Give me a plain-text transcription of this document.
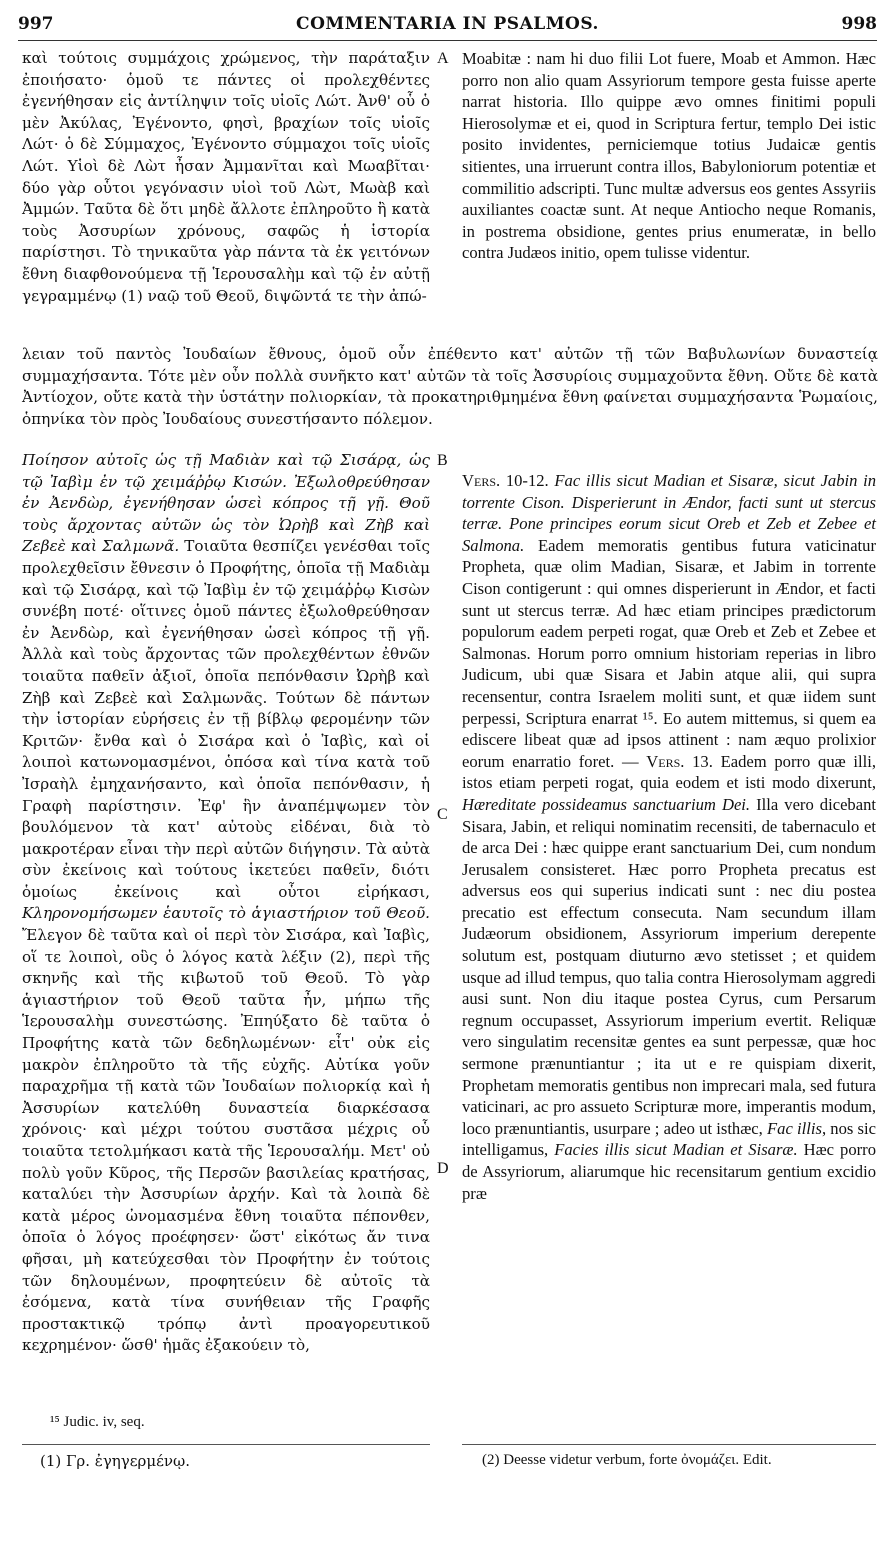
997	COMMENTARIA IN PSALMOS.	998

καὶ τούτοις συμμάχοις χρώμενος, τὴν παράταξιν ἐποιήσατο· ὁμοῦ τε πάντες οἱ προλεχθέντες ἐγενήθησαν εἰς ἀντίληψιν τοῖς υἱοῖς Λώτ. Ἀνθ' οὗ ὁ μὲν Ἀκύλας, Ἐγένοντο, φησὶ, βραχίων τοῖς υἱοῖς Λώτ· ὁ δὲ Σύμμαχος, Ἐγένοντο σύμμαχοι τοῖς υἱοῖς Λώτ. Υἱοὶ δὲ Λὼτ ἦσαν Ἀμμανῖται καὶ Μωαβῖται· δύο γὰρ οὗτοι γεγόνασιν υἱοὶ τοῦ Λὼτ, Μωὰβ καὶ Ἀμμών. Ταῦτα δὲ ὅτι μηδὲ ἄλλοτε ἐπληροῦτο ἢ κατὰ τοὺς Ἀσσυρίων χρόνους, σαφῶς ἡ ἱστορία παρίστησι. Τὸ τηνικαῦτα γὰρ πάντα τὰ ἐκ γειτόνων ἔθνη διαφθονούμενα τῇ Ἱερουσαλὴμ καὶ τῷ ἐν αὐτῇ γεγραμμένῳ (1) ναῷ τοῦ Θεοῦ, διψῶντά τε τὴν ἀπώ-

Moabitæ : nam hi duo filii Lot fuere, Moab et Ammon. Hæc porro non alio quam Assyriorum tempore gesta fuisse aperte narrat historia. Illo quippe ævo omnes finitimi populi Hierosolymæ et ei, quod in Scriptura fertur, templo Dei istic posito invidentes, perniciemque totius Judaicæ gentis sitientes, una irruerunt contra illos, Babyloniorum potentiæ et commilitio adscripti. Tunc multæ adversus eos gentes Assyriis auxiliantes coactæ sunt. At neque Antiocho neque Romanis, in postrema obsidione, gentes prius enumeratæ, in bello contra Judæos initio, opem tulisse videntur.

λειαν τοῦ παντὸς Ἰουδαίων ἔθνους, ὁμοῦ οὖν ἐπέθεντο κατ' αὐτῶν τῇ τῶν Βαβυλωνίων δυναστείᾳ συμμαχήσαντα. Τότε μὲν οὖν πολλὰ συνῆκτο κατ' αὐτῶν τὰ τοῖς Ἀσσυρίοις συμμαχοῦντα ἔθνη. Οὔτε δὲ κατὰ Ἀντίοχον, οὔτε κατὰ τὴν ὑστάτην πολιορκίαν, τὰ προκατηριθμημένα ἔθνη φαίνεται συμμαχήσαντα Ῥωμαίοις, ὁπηνίκα τὸν πρὸς Ἰουδαίους συνεστήσαντο πόλεμον.

A
B
C
D

Ποίησον αὐτοῖς ὡς τῇ Μαδιὰν καὶ τῷ Σισάρᾳ, ὡς τῷ Ἰαβὶμ ἐν τῷ χειμάῤῥῳ Κισών. Ἐξωλοθρεύθησαν ἐν Ἀενδὼρ, ἐγενήθησαν ὡσεὶ κόπρος τῇ γῇ. Θοῦ τοὺς ἄρχοντας αὐτῶν ὡς τὸν Ὠρὴβ καὶ Ζὴβ καὶ Ζεβεὲ καὶ Σαλμωνᾶ. Τοιαῦτα θεσπίζει γενέσθαι τοῖς προλεχθεῖσιν ἔθνεσιν ὁ Προφήτης, ὁποῖα τῇ Μαδιὰμ καὶ τῷ Σισάρᾳ, καὶ τῷ Ἰαβὶμ ἐν τῷ χειμάῤῥῳ Κισὼν συνέβη ποτέ· οἵτινες ὁμοῦ πάντες ἐξωλοθρεύθησαν ἐν Ἀενδὼρ, καὶ ἐγενήθησαν ὡσεὶ κόπρος τῇ γῇ. Ἀλλὰ καὶ τοὺς ἄρχοντας τῶν προλεχθέντων ἐθνῶν τοιαῦτα παθεῖν ἀξιοῖ, ὁποῖα πεπόνθασιν Ὠρὴβ καὶ Ζὴβ καὶ Ζεβεὲ καὶ Σαλμωνᾶς. Τούτων δὲ πάντων τὴν ἱστορίαν εὑρήσεις ἐν τῇ βίβλῳ φερομένην τῶν Κριτῶν· ἔνθα καὶ ὁ Σισάρα καὶ ὁ Ἰαβὶς, καὶ οἱ λοιποὶ κατωνομασμένοι, ὁπόσα καὶ τίνα κατὰ τοῦ Ἰσραὴλ ἐμηχανήσαντο, καὶ ὁποῖα πεπόνθασιν, ἡ Γραφὴ παρίστησιν. Ἐφ' ἣν ἀναπέμψωμεν τὸν βουλόμενον τὰ κατ' αὐτοὺς εἰδέναι, διὰ τὸ μακροτέραν εἶναι τὴν περὶ αὐτῶν διήγησιν. Τὰ αὐτὰ σὺν ἐκείνοις καὶ τούτους ἱκετεύει παθεῖν, διότι ὁμοίως ἐκείνοις καὶ οὗτοι εἰρήκασι, Κληρονομήσωμεν ἑαυτοῖς τὸ ἁγιαστήριον τοῦ Θεοῦ. Ἔλεγον δὲ ταῦτα καὶ οἱ περὶ τὸν Σισάρα, καὶ Ἰαβὶς, οἵ τε λοιποὶ, οὓς ὁ λόγος κατὰ λέξιν (2), περὶ τῆς σκηνῆς καὶ τῆς κιβωτοῦ τοῦ Θεοῦ. Τὸ γὰρ ἁγιαστήριον τοῦ Θεοῦ ταῦτα ἦν, μήπω τῆς Ἱερουσαλὴμ συνεστώσης. Ἐπηύξατο δὲ ταῦτα ὁ Προφήτης κατὰ τῶν δεδηλωμένων· εἶτ' οὐκ εἰς μακρὸν ἐπληροῦτο τὰ τῆς εὐχῆς. Αὐτίκα γοῦν παραχρῆμα τῇ κατὰ τῶν Ἰουδαίων πολιορκίᾳ καὶ ἡ Ἀσσυρίων κατελύθη δυναστεία διαρκέσασα χρόνοις· καὶ μέχρι τούτου συστᾶσα μέχρις οὗ τοιαῦτα τετολμήκασι κατὰ τῆς Ἱερουσαλήμ. Μετ' οὐ πολὺ γοῦν Κῦρος, τῆς Περσῶν βασιλείας κρατήσας, καταλύει τὴν Ἀσσυρίων ἀρχήν. Καὶ τὰ λοιπὰ δὲ κατὰ μέρος ὠνομασμένα ἔθνη τοιαῦτα πέπονθεν, ὁποῖα ὁ λόγος προέφησεν· ὥστ' εἰκότως ἄν τινα φῆσαι, μὴ κατεύχεσθαι τὸν Προφήτην ἐν τούτοις τῶν δηλουμένων, προφητεύειν δὲ αὐτοῖς τὰ ἐσόμενα, κατὰ τίνα συνήθειαν τῆς Γραφῆς προστακτικῷ τρόπῳ ἀντὶ προαγορευτικοῦ κεχρημένον· ὥσθ' ἡμᾶς ἐξακούειν τὸ,

Vers. 10-12. Fac illis sicut Madian et Sisaræ, sicut Jabin in torrente Cison. Disperierunt in Ændor, facti sunt ut stercus terræ. Pone principes eorum sicut Oreb et Zeb et Zebee et Salmona. Eadem memoratis gentibus futura vaticinatur Propheta, quæ olim Madian, Sisaræ, et Jabim in torrente Cison contigerunt : qui omnes disperierunt in Ændor, et facti sunt ut stercus terræ. Ad hæc etiam principes prædictorum populorum eadem perpeti rogat, quæ Oreb et Zeb et Zebee et Salmonas. Horum porro omnium historiam reperias in libro Judicum, ubi quæ Sisara et Jabin atque alii, qui supra recensentur, contra Israelem moliti sunt, et quæ iidem sunt perpessi, Scriptura enarrat ¹⁵. Eo autem mittemus, si quem ea ediscere libeat quæ ad ipsos attinent : nam æquo prolixior eorum enarratio foret. — Vers. 13. Eadem porro quæ illi, istos etiam perpeti rogat, quia eodem et isti modo dixerunt, Hæreditate possideamus sanctuarium Dei. Illa vero dicebant Sisara, Jabin, et reliqui nominatim recensiti, de tabernaculo et de arca Dei : hæc quippe erant sanctuarium Dei, cum nondum Jerusalem consisteret. Hæc porro Propheta precatus est adversus eos qui superius indicati sunt : nec diu postea precatio est effectum consecuta. Nam secundum illam Judæorum obsidionem, Assyriorum imperium derepente solutum est, postquam diuturno ævo stetisset ; et quidem usque ad illud tempus, quo talia contra Hierosolymam aggredi ausi sunt. Non diu itaque postea Cyrus, cum Persarum regnum occupasset, Assyriorum imperium evertit. Reliquæ vero singulatim recensitæ gentes ea sunt perpessæ, quæ hoc sermone prænuntiantur ; ita ut e re quispiam dixerit, Prophetam memoratis gentibus non imprecari mala, sed futura vaticinari, ac pro assueto Scripturæ more, imperantis modum, loco prænuntiantis, usurpare ; adeo ut isthæc, Fac illis, nos sic intelligamus, Facies illis sicut Madian et Sisaræ. Hæc porro de Assyriorum, aliarumque hic recensitarum gentium excidio præ

¹⁵ Judic. iv, seq.
(1) Γρ. ἐγηγερμένῳ.	(2) Deesse videtur verbum, forte ὀνομάζει. Edit.
